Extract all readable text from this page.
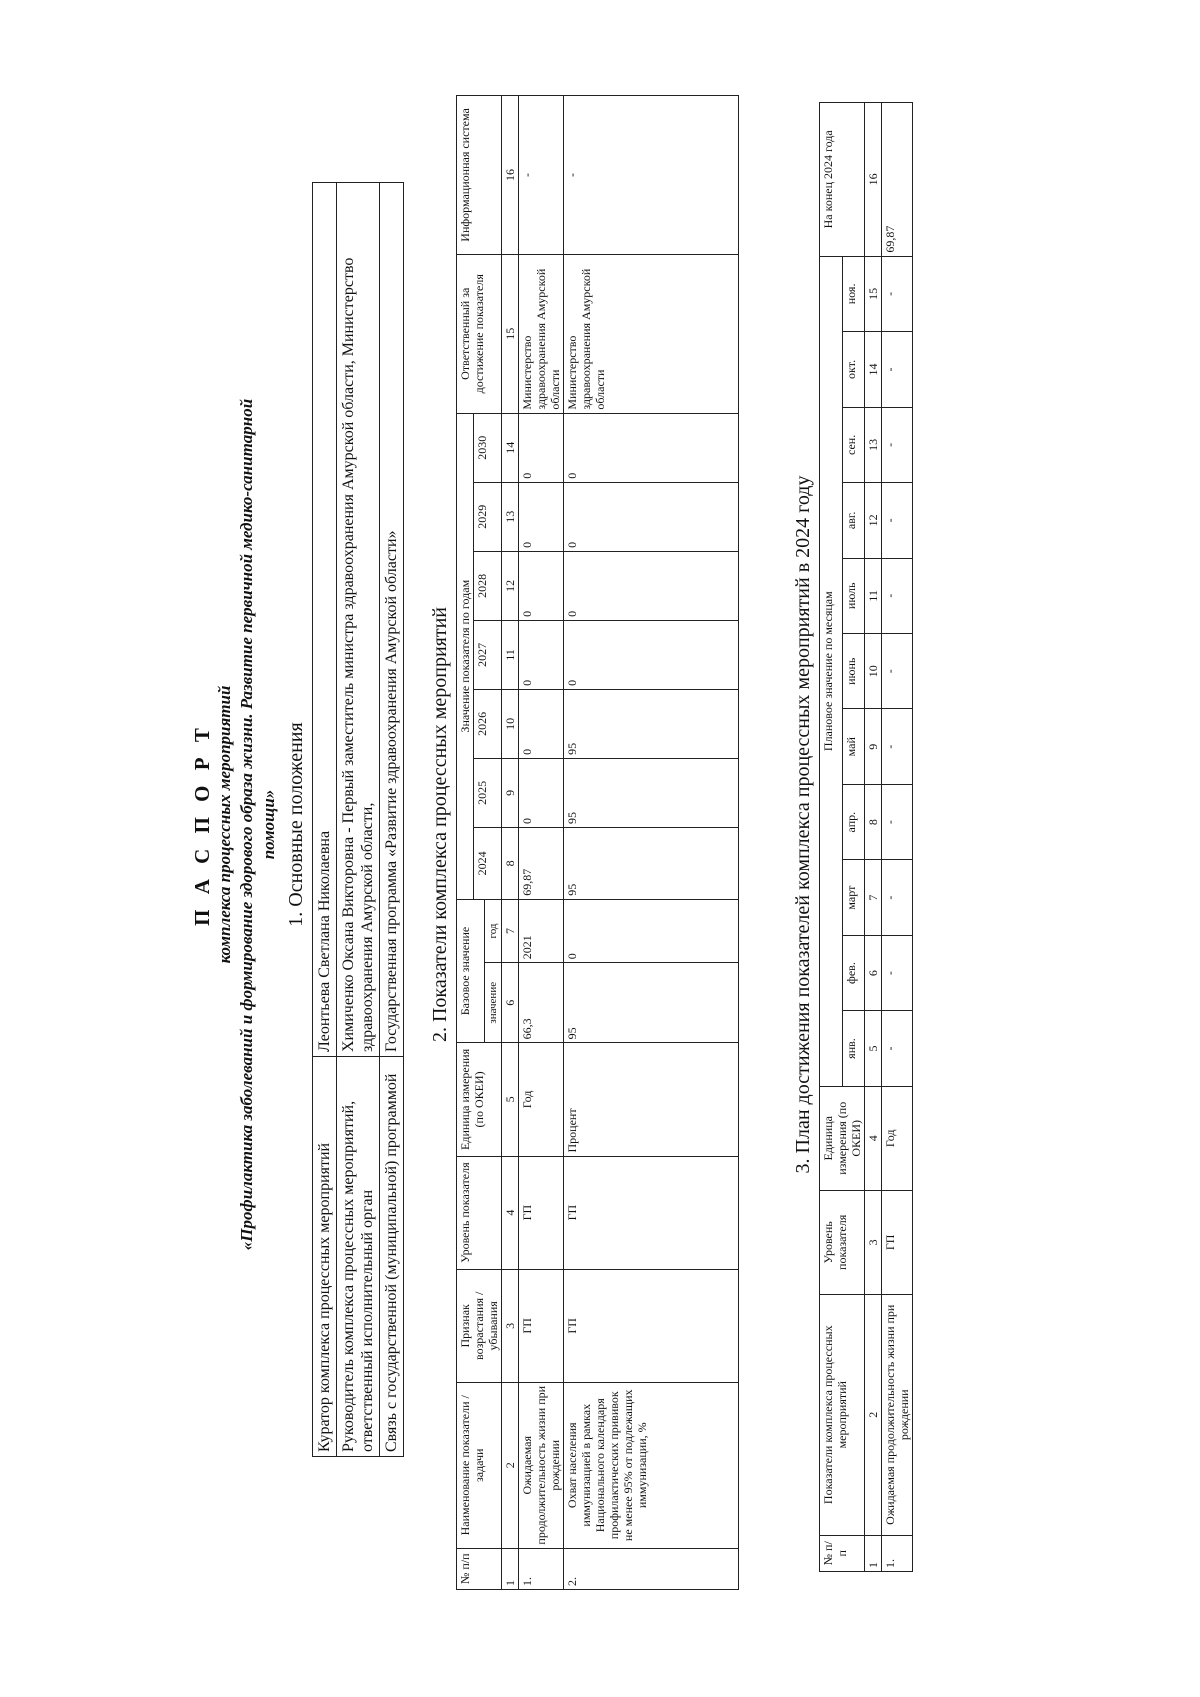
П А С П О Р Т комплекса процессных мероприятий «Профилактика заболеваний и формирование здорового образа жизни. Развитие первичной медико-санитарной помощи» 1. Основные положения
Куратор комплекса процессных мероприятий	Леонтьева Светлана Николаевна
Руководитель комплекса процессных мероприятий, ответственный исполнительный орган	Химиченко Оксана Викторовна - Первый заместитель министра здравоохранения Амурской области, Министерство здравоохранения Амурской области,
Связь с государственной (муниципальной) программой	Государственная программа «Развитие здравоохранения Амурской области» 2. Показатели комплекса процессных мероприятий
№ п/п	Наименование показатели /задачи	Признак возрастания / убывания	Уровень показателя	Единица измерения (по ОКЕИ)	Базовое значение		Значение показателя по годам							Ответственный за достижение показателя	Информационная система
							2024	2025	2026	2027	2028	2029	2030		
					значение	год									
1	2	3	4	5	6	7	8	9	10	11	12	13	14	15	16
1.	Ожидаемая продолжительность жизни при рождении	ГП	ГП	Год	66,3	2021	69,87	0	0	0	0	0	0	Министерство здравоохранения Амурской области	-
2.	Охват населения иммунизацией в рамках Национального календаря профилактических прививок не менее 95% от подлежащих иммунизации, %	ГП	ГП	Процент	95	0	95	95	95	0	0	0	0	Министерство здравоохранения Амурской области	-
3. План достижения показателей комплекса процессных мероприятий в 2024 году
№ п/п	Показатели комплекса процессных мероприятий	Уровень показателя	Единица измерения (по ОКЕИ)	Плановое значение по месяцам											На конец 2024 года
				янв.	фев.	март	апр.	май	июнь	июль	авг.	сен.	окт.	ноя.	
1	2	3	4	5	6	7	8	9	10	11	12	13	14	15	16
1.	Ожидаемая продолжительность жизни при рождении	ГП	Год	-	-	-	-	-	-	-	-	-	-	-	69,87
